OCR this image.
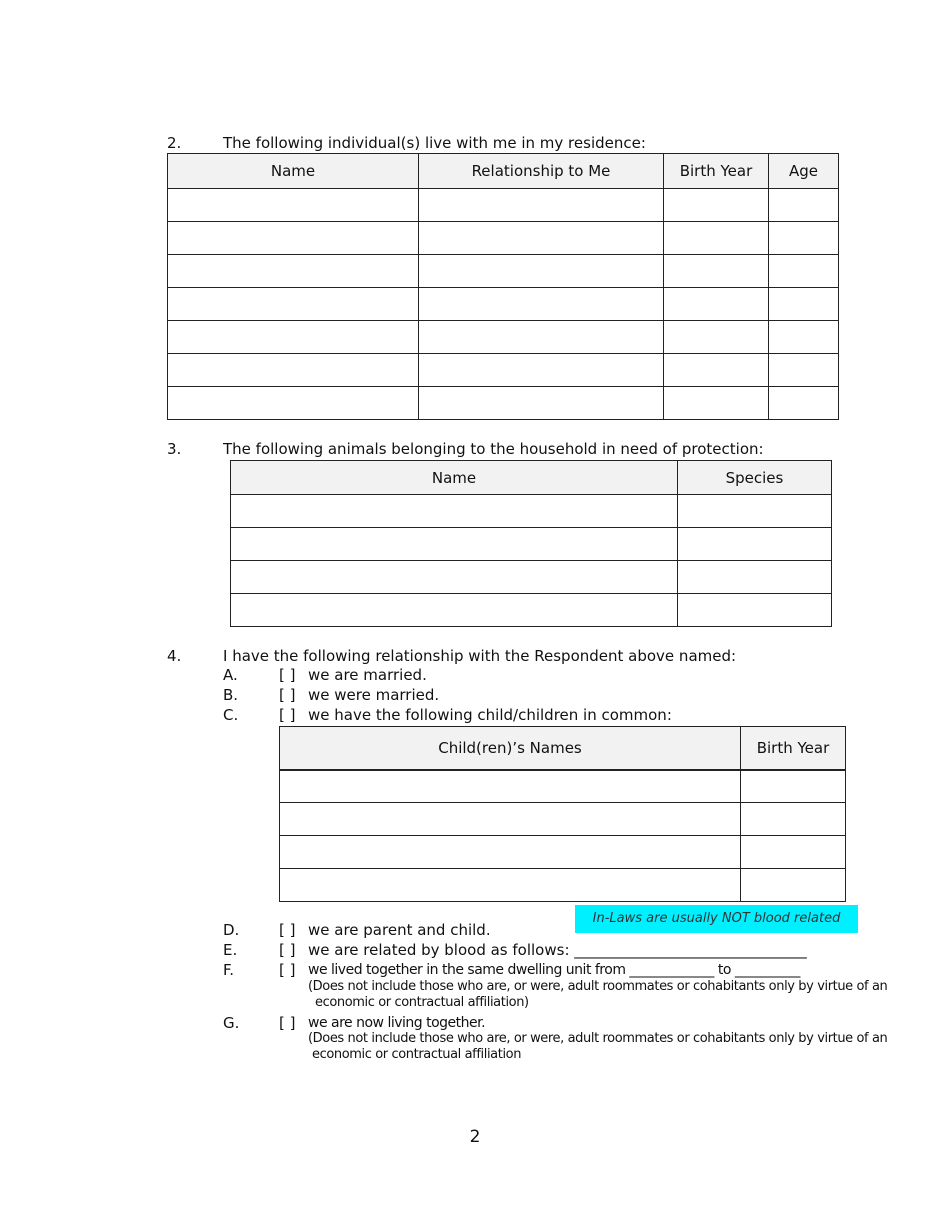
2.	The following individual(s) live with me in my residence:
Name	Relationship to Me	Birth Year	Age

3.	The following animals belonging to the household in need of protection:
Name	Species

4.	I have the following relationship with the Respondent above named:
A.	[ ] we are married.
B.	[ ] we were married.
C.	[ ] we have the following child/children in common:
Child(ren)’s Names	Birth Year

In-Laws are usually NOT blood related
D.	[ ] we are parent and child.
E.	[ ] we are related by blood as follows: _______________________________
F.	[ ] we lived together in the same dwelling unit from _____________ to __________
(Does not include those who are, or were, adult roommates or cohabitants only by virtue of an
economic or contractual affiliation)
G.	[ ] we are now living together.
(Does not include those who are, or were, adult roommates or cohabitants only by virtue of an
economic or contractual affiliation
2
